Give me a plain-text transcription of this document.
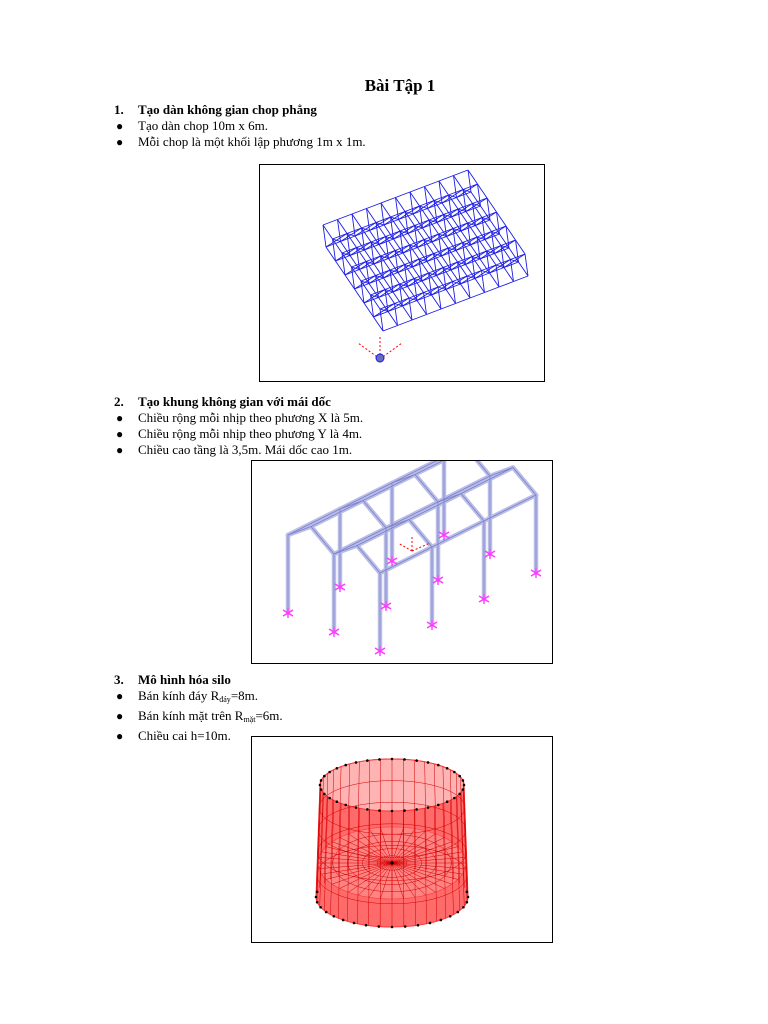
Bài Tập 1
1. Tạo dàn không gian chop phẳng
● Tạo dàn chop 10m x 6m.
● Mỗi chop là một khối lập phương 1m x 1m.
2. Tạo khung không gian với mái dốc
● Chiều rộng mỗi nhịp theo phương X là 5m.
● Chiều rộng mỗi nhịp theo phương Y là 4m.
● Chiều cao tầng là 3,5m. Mái dốc cao 1m.
3. Mô hình hóa silo
● Bán kính đáy $R_{đáy}=8m$.
● Bán kính mặt trên $R_{mặt}=6m$.
● Chiều cai h=10m.
